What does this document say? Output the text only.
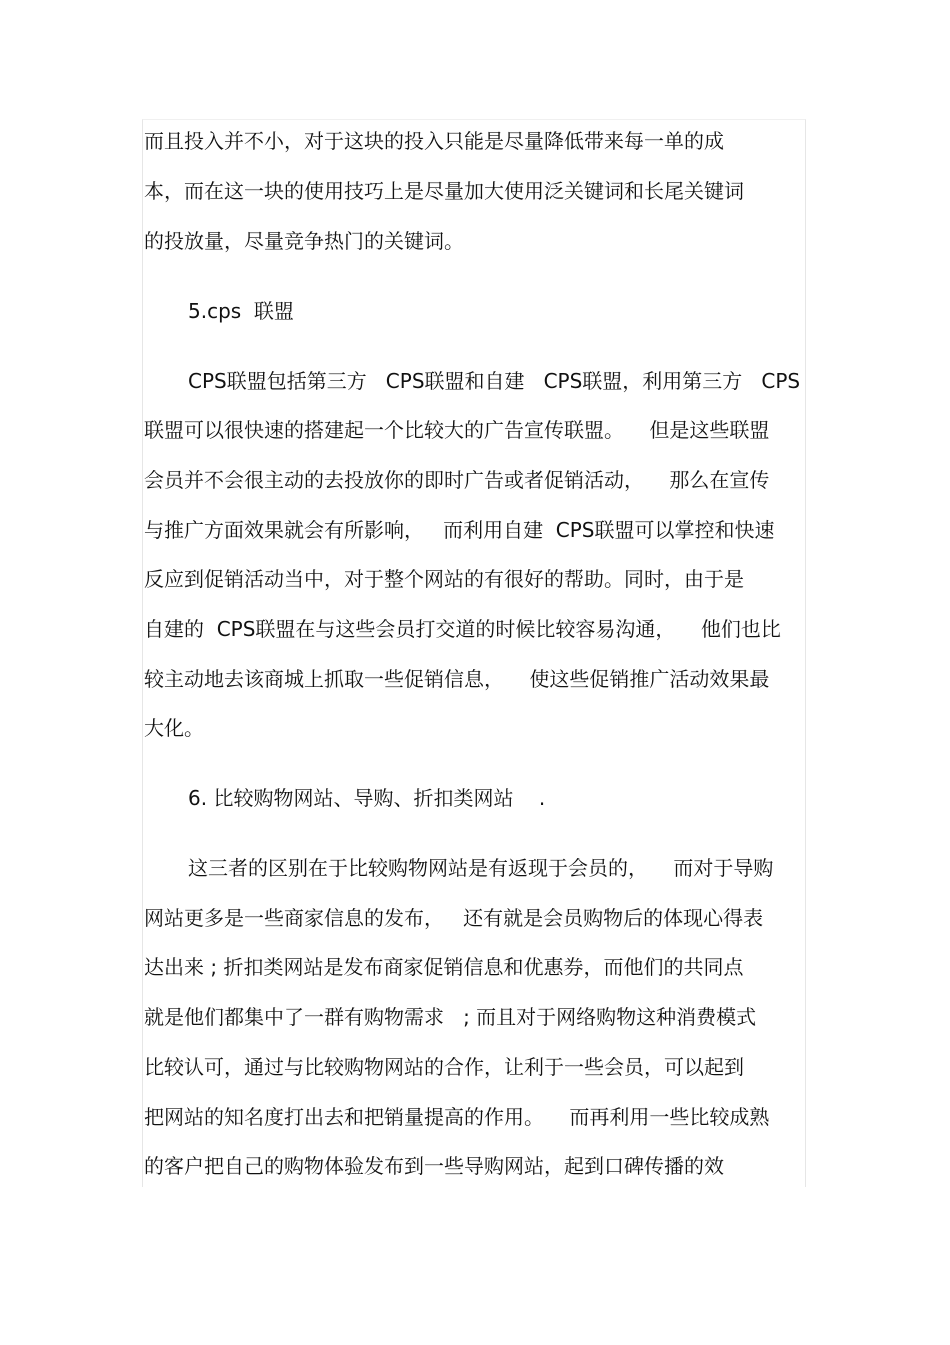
而且投入并不小，对于这块的投入只能是尽量降低带来每一单的成
本，而在这一块的使用技巧上是尽量加大使用泛关键词和长尾关键词
的投放量，尽量竞争热门的关键词。
5.cps  联盟
CPS联盟包括第三方   CPS联盟和自建   CPS联盟，利用第三方   CPS
联盟可以很快速的搭建起一个比较大的广告宣传联盟。    但是这些联盟
会员并不会很主动的去投放你的即时广告或者促销活动，    那么在宣传
与推广方面效果就会有所影响，   而利用自建  CPS联盟可以掌控和快速
反应到促销活动当中，对于整个网站的有很好的帮助。同时，由于是
自建的  CPS联盟在与这些会员打交道的时候比较容易沟通，    他们也比
较主动地去该商城上抓取一些促销信息，    使这些促销推广活动效果最
大化。
6. 比较购物网站、导购、折扣类网站    .
这三者的区别在于比较购物网站是有返现于会员的，    而对于导购
网站更多是一些商家信息的发布，   还有就是会员购物后的体现心得表
达出来 ; 折扣类网站是发布商家促销信息和优惠券，而他们的共同点
就是他们都集中了一群有购物需求   ; 而且对于网络购物这种消费模式
比较认可，通过与比较购物网站的合作，让利于一些会员，可以起到
把网站的知名度打出去和把销量提高的作用。    而再利用一些比较成熟
的客户把自己的购物体验发布到一些导购网站，起到口碑传播的效
